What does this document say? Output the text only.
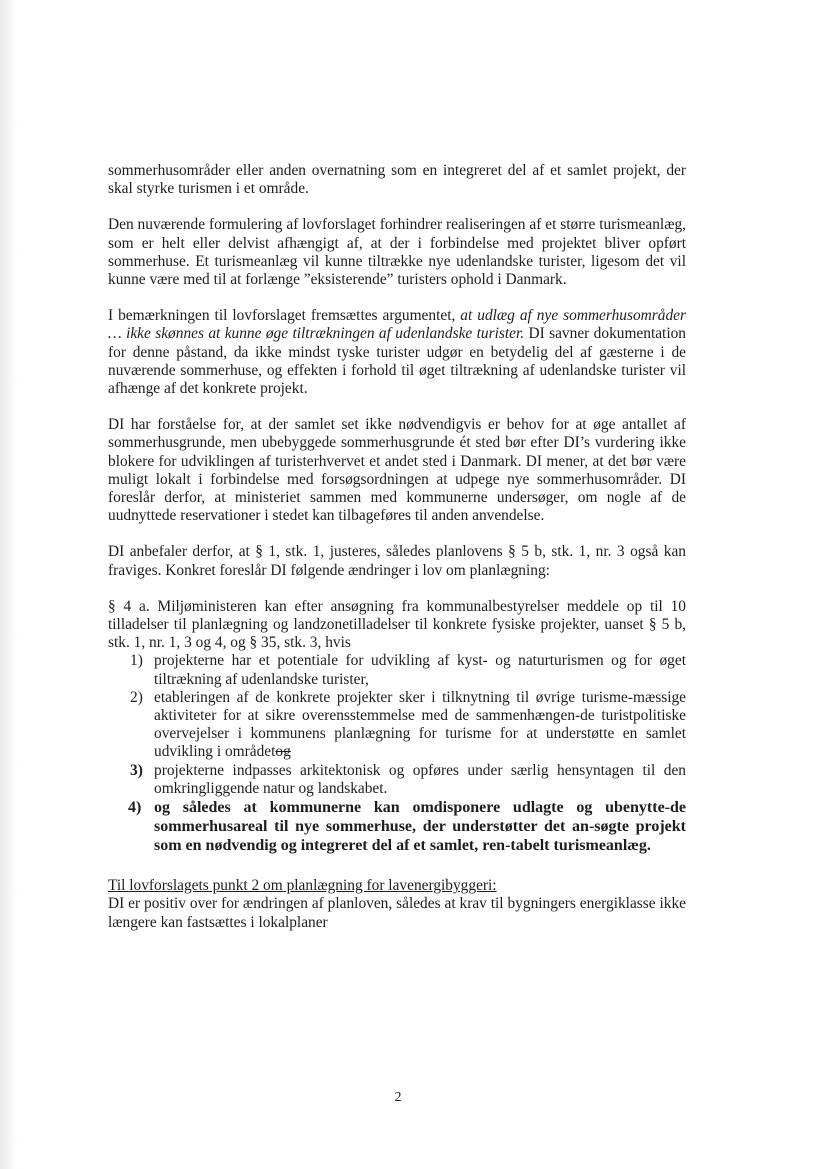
sommerhusområder eller anden overnatning som en integreret del af et samlet projekt, der skal styrke turismen i et område.

Den nuværende formulering af lovforslaget forhindrer realiseringen af et større turismeanlæg, som er helt eller delvist afhængigt af, at der i forbindelse med projektet bliver opført sommerhuse. Et turismeanlæg vil kunne tiltrække nye udenlandske turister, ligesom det vil kunne være med til at forlænge ”eksisterende” turisters ophold i Danmark.

I bemærkningen til lovforslaget fremsættes argumentet, at udlæg af nye sommerhusområder … ikke skønnes at kunne øge tiltrækningen af udenlandske turister. DI savner dokumentation for denne påstand, da ikke mindst tyske turister udgør en betydelig del af gæsterne i de nuværende sommerhuse, og effekten i forhold til øget tiltrækning af udenlandske turister vil afhænge af det konkrete projekt.

DI har forståelse for, at der samlet set ikke nødvendigvis er behov for at øge antallet af sommerhusgrunde, men ubebyggede sommerhusgrunde ét sted bør efter DI’s vurdering ikke blokere for udviklingen af turisterhvervet et andet sted i Danmark. DI mener, at det bør være muligt lokalt i forbindelse med forsøgsordningen at udpege nye sommerhusområder. DI foreslår derfor, at ministeriet sammen med kommunerne undersøger, om nogle af de uudnyttede reservationer i stedet kan tilbageføres til anden anvendelse.

DI anbefaler derfor, at § 1, stk. 1, justeres, således planlovens § 5 b, stk. 1, nr. 3 også kan fraviges. Konkret foreslår DI følgende ændringer i lov om planlægning:

§ 4 a. Miljøministeren kan efter ansøgning fra kommunalbestyrelser meddele op til 10 tilladelser til planlægning og landzonetilladelser til konkrete fysiske projekter, uanset § 5 b, stk. 1, nr. 1, 3 og 4, og § 35, stk. 3, hvis

1) projekterne har et potentiale for udvikling af kyst- og naturturismen og for øget tiltrækning af udenlandske turister,
2) etableringen af de konkrete projekter sker i tilknytning til øvrige turisme-mæssige aktiviteter for at sikre overensstemmelse med de sammenhængen-de turistpolitiske overvejelser i kommunens planlægning for turisme for at understøtte en samlet udvikling i områdetog
3) projekterne indpasses arkitektonisk og opføres under særlig hensyntagen til den omkringliggende natur og landskabet.
4) og således at kommunerne kan omdisponere udlagte og ubenytte-de sommerhusareal til nye sommerhuse, der understøtter det an-søgte projekt som en nødvendig og integreret del af et samlet, ren-tabelt turismeanlæg.

Til lovforslagets punkt 2 om planlægning for lavenergibyggeri:

DI er positiv over for ændringen af planloven, således at krav til bygningers energiklasse ikke længere kan fastsættes i lokalplaner

2
